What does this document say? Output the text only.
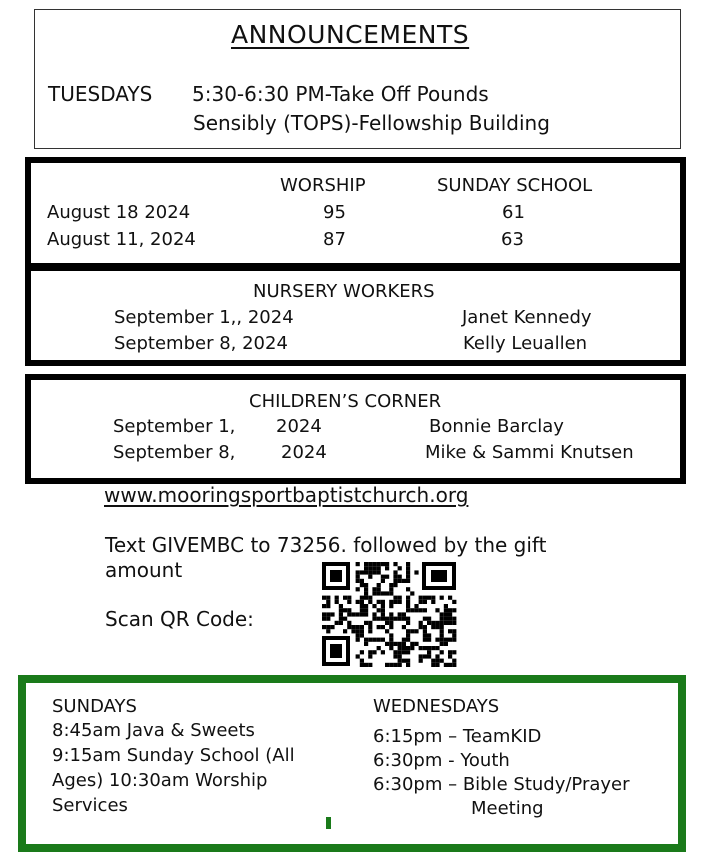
ANNOUNCEMENTS
TUESDAYS 5:30-6:30 PM-Take Off Pounds
Sensibly (TOPS)-Fellowship Building
WORSHIP	SUNDAY SCHOOL
August 18 2024	95	61
August 11, 2024	87	63
NURSERY WORKERS
September 1,, 2024	Janet Kennedy
September 8, 2024	Kelly Leuallen
CHILDREN’S CORNER
September 1, 2024	Bonnie Barclay
September 8,	2024	Mike & Sammi Knutsen
www.mooringsportbaptistchurch.org
Text GIVEMBC to 73256. followed by the gift
amount
Scan QR Code:
SUNDAYS
8:45am Java & Sweets
9:15am Sunday School (All
Ages) 10:30am Worship
Services
WEDNESDAYS
6:15pm – TeamKID
6:30pm - Youth
6:30pm – Bible Study/Prayer
Meeting
